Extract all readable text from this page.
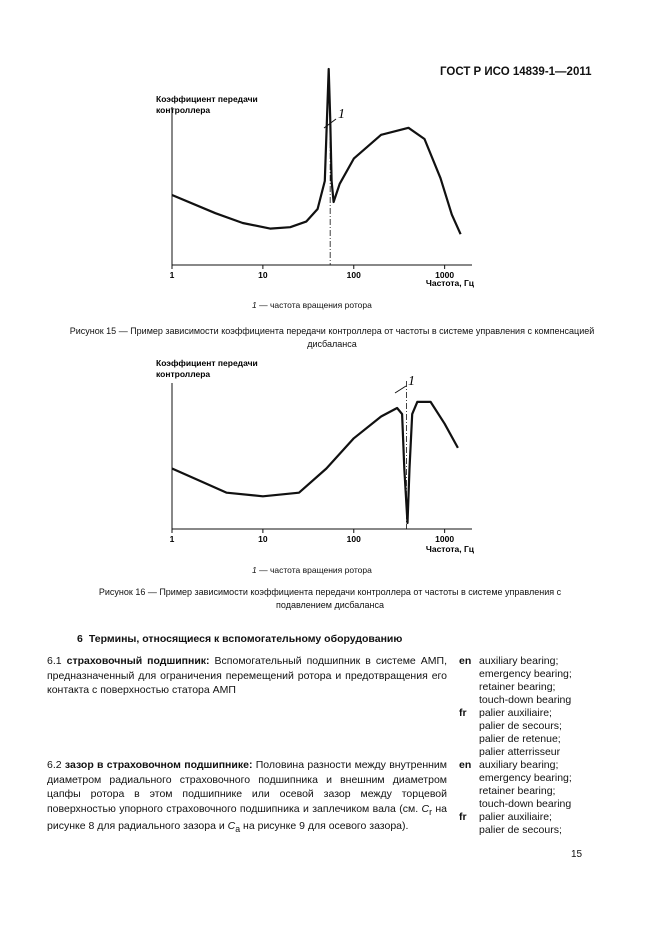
ГОСТ Р ИСО 14839-1—2011
Коэффициент передачи
контроллера
Частота, Гц
1	10	100	1000
1
1 — частота вращения ротора
Рисунок 15 — Пример зависимости коэффициента передачи контроллера от частоты в системе управления с компенсацией дисбаланса
Коэффициент передачи
контроллера
Частота, Гц
1	10	100	1000
1
1 — частота вращения ротора
Рисунок 16 — Пример зависимости коэффициента передачи контроллера от частоты в системе управления с подавлением дисбаланса
6 Термины, относящиеся к вспомогательному оборудованию
6.1 страховочный подшипник: Вспомогательный подшипник в системе АМП, предназначенный для ограничения перемещений ротора и предотвращения его контакта с поверхностью статора АМП
en auxiliary bearing;
emergency bearing;
retainer bearing;
touch-down bearing
fr	palier auxiliaire;
palier de secours;
palier de retenue;
palier atterrisseur
6.2 зазор в страховочном подшипнике: Половина разности между внутренним диаметром радиального страховочного подшипника и внешним диаметром цапфы ротора в этом подшипнике или осевой зазор между торцевой поверхностью упорного страховочного подшипника и заплечиком вала (см. $C_r$ на рисунке 8 для радиального зазора и $C_a$ на рисунке 9 для осевого зазора).
en auxiliary bearing;
emergency bearing;
retainer bearing;
touch-down bearing
fr	palier auxiliaire;
palier de secours;
15
